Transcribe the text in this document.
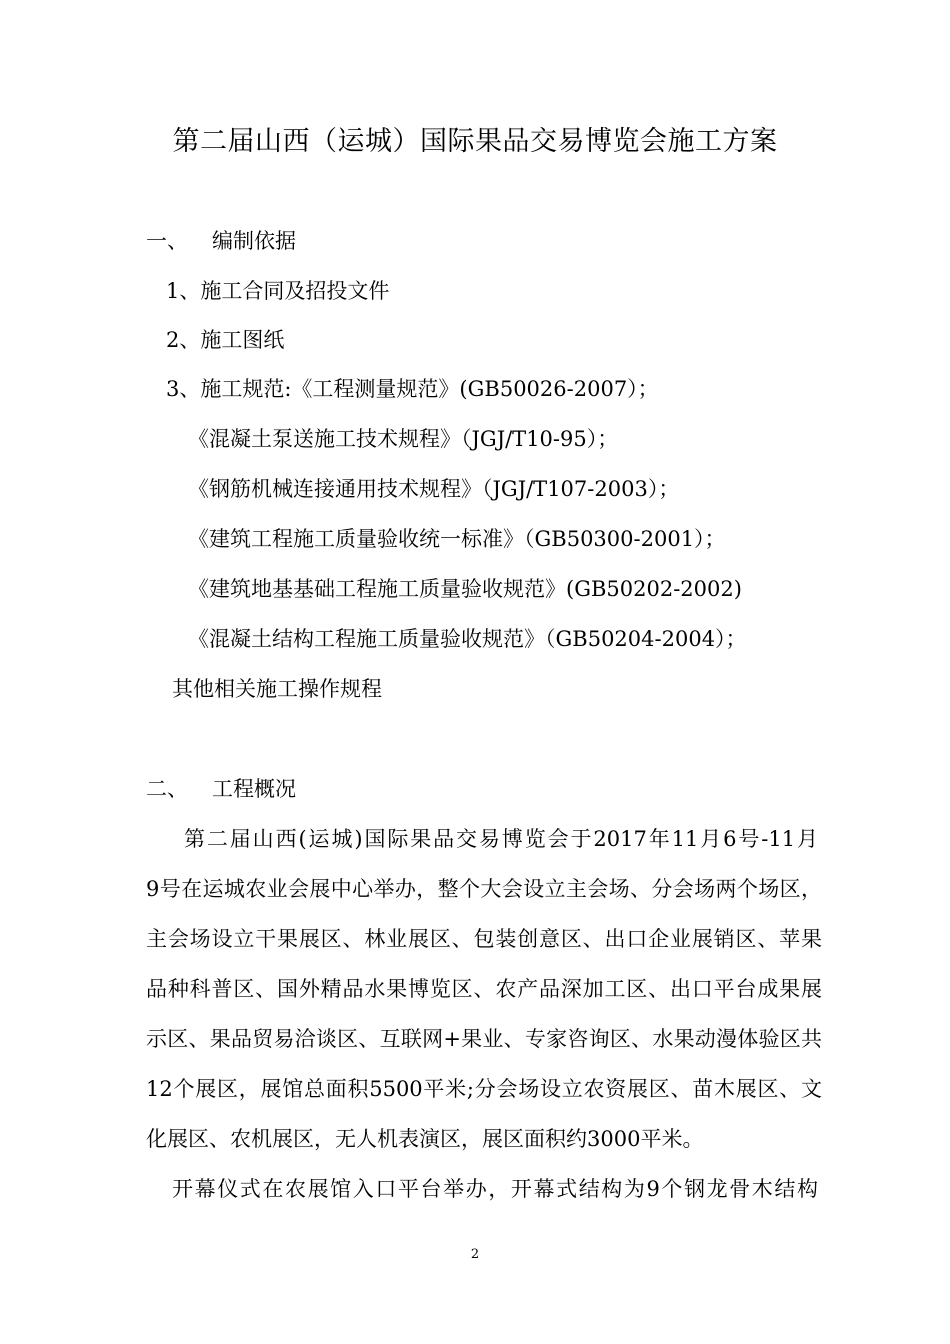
第二届山西（运城）国际果品交易博览会施工方案
一、 编制依据
1、施工合同及招投文件
2、施工图纸
3、施工规范:《工程测量规范》(GB50026-2007）；
《混凝土泵送施工技术规程》（JGJ/T10-95）；
《钢筋机械连接通用技术规程》（JGJ/T107-2003）；
《建筑工程施工质量验收统一标准》（GB50300-2001）；
《建筑地基基础工程施工质量验收规范》(GB50202-2002)
《混凝土结构工程施工质量验收规范》（GB50204-2004）；
其他相关施工操作规程
二、 工程概况
第二届山西(运城)国际果品交易博览会于2017年11月6号-11月
9号在运城农业会展中心举办，整个大会设立主会场、分会场两个场区，
主会场设立干果展区、林业展区、包装创意区、出口企业展销区、苹果
品种科普区、国外精品水果博览区、农产品深加工区、出口平台成果展
示区、果品贸易洽谈区、互联网+果业、专家咨询区、水果动漫体验区共
12个展区，展馆总面积5500平米;分会场设立农资展区、苗木展区、文
化展区、农机展区，无人机表演区，展区面积约3000平米。
开幕仪式在农展馆入口平台举办，开幕式结构为9个钢龙骨木结构
2
